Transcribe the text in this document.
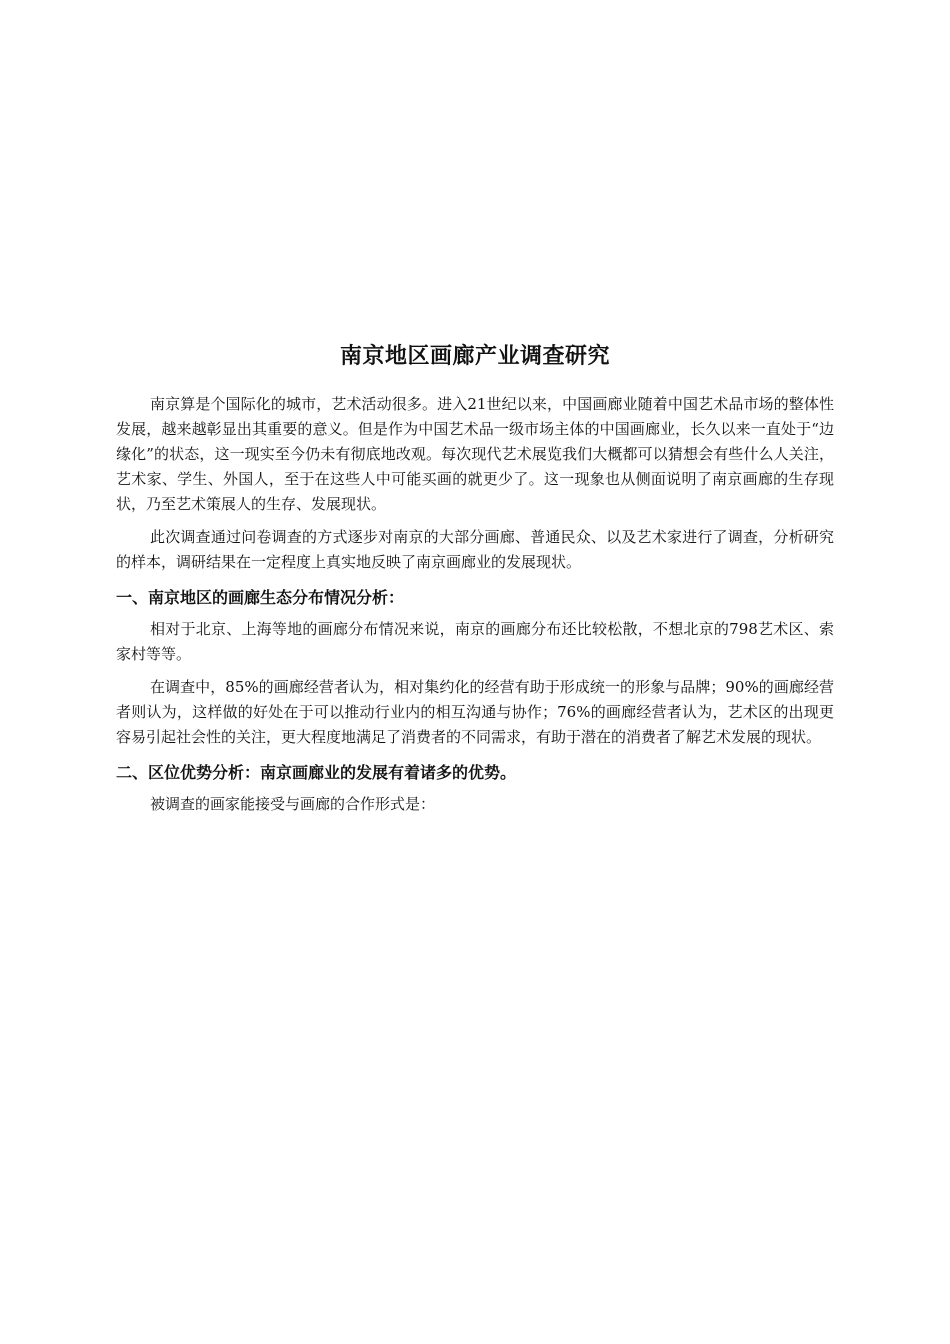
南京地区画廊产业调查研究

南京算是个国际化的城市，艺术活动很多。进入21世纪以来，中国画廊业随着中国艺术品市场的整体性发展，越来越彰显出其重要的意义。但是作为中国艺术品一级市场主体的中国画廊业，长久以来一直处于“边缘化”的状态，这一现实至今仍未有彻底地改观。每次现代艺术展览我们大概都可以猜想会有些什么人关注，艺术家、学生、外国人，至于在这些人中可能买画的就更少了。这一现象也从侧面说明了南京画廊的生存现状，乃至艺术策展人的生存、发展现状。

此次调查通过问卷调查的方式逐步对南京的大部分画廊、普通民众、以及艺术家进行了调查，分析研究的样本，调研结果在一定程度上真实地反映了南京画廊业的发展现状。

一、南京地区的画廊生态分布情况分析：

相对于北京、上海等地的画廊分布情况来说，南京的画廊分布还比较松散，不想北京的798艺术区、索家村等等。

在调查中，85%的画廊经营者认为，相对集约化的经营有助于形成统一的形象与品牌；90%的画廊经营者则认为，这样做的好处在于可以推动行业内的相互沟通与协作；76%的画廊经营者认为，艺术区的出现更容易引起社会性的关注，更大程度地满足了消费者的不同需求，有助于潜在的消费者了解艺术发展的现状。

二、区位优势分析：南京画廊业的发展有着诸多的优势。

被调查的画家能接受与画廊的合作形式是：
